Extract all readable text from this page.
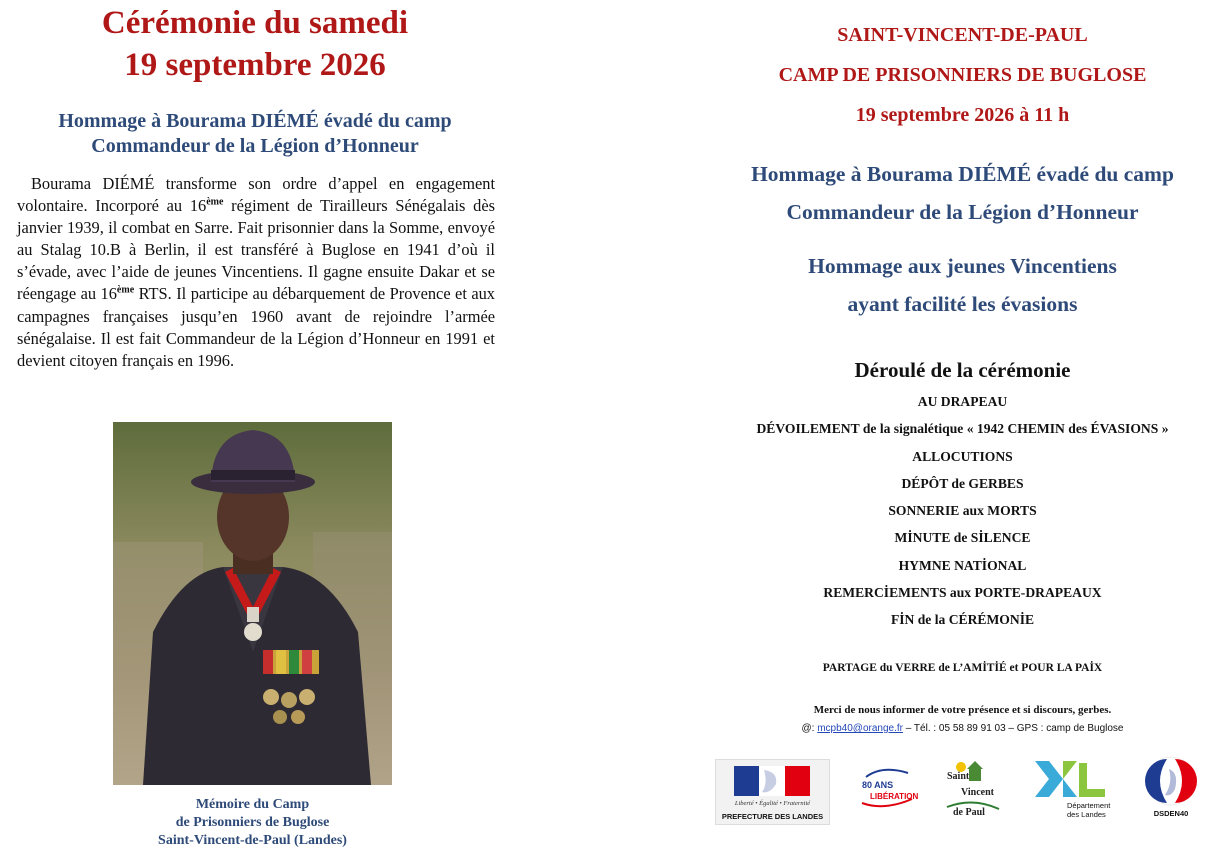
Cérémonie du samedi
19 septembre 2026
Hommage à Bourama DIÉMÉ évadé du camp
Commandeur de la Légion d’Honneur

Bourama DIÉMÉ transforme son ordre d’appel en engagement volontaire. Incorporé au 16ème régiment de Tirailleurs Sénégalais dès janvier 1939, il combat en Sarre. Fait prisonnier dans la Somme, envoyé au Stalag 10.B à Berlin, il est transféré à Buglose en 1941 d’où il s’évade, avec l’aide de jeunes Vincentiens. Il gagne ensuite Dakar et se réengage au 16ème RTS. Il participe au débarquement de Provence et aux campagnes françaises jusqu’en 1960 avant de rejoindre l’armée sénégalaise. Il est fait Commandeur de la Légion d’Honneur en 1991 et devient citoyen français en 1996.

Mémoire du Camp
de Prisonniers de Buglose
Saint-Vincent-de-Paul (Landes)
SAINT-VINCENT-DE-PAUL
CAMP DE PRISONNIERS DE BUGLOSE
19 septembre 2026 à 11 h
Hommage à Bourama DIÉMÉ évadé du camp
Commandeur de la Légion d’Honneur
Hommage aux jeunes Vincentiens
ayant facilité les évasions
Déroulé de la cérémonie
AU DRAPEAU
DÉVOILEMENT de la signalétique « 1942 CHEMIN des ÉVASIONS »
ALLOCUTIONS
DÉPÔT de GERBES
SONNERIE aux MORTS
MİNUTE de SİLENCE
HYMNE NATİONAL
REMERCİEMENTS aux PORTE-DRAPEAUX
FİN de la CÉRÉMONİE
PARTAGE du VERRE de L’AMİTİÉ et POUR LA PAİX
Merci de nous informer de votre présence et si discours, gerbes.
@: mcpb40@orange.fr – Tél. : 05 58 89 91 03 – GPS : camp de Buglose
Liberté • Égalité • Fraternité
PREFECTURE DES LANDES
80 ANS
LIBÉRATION
Saint
Vincent
de Paul
Département
des Landes	DSDEN40
